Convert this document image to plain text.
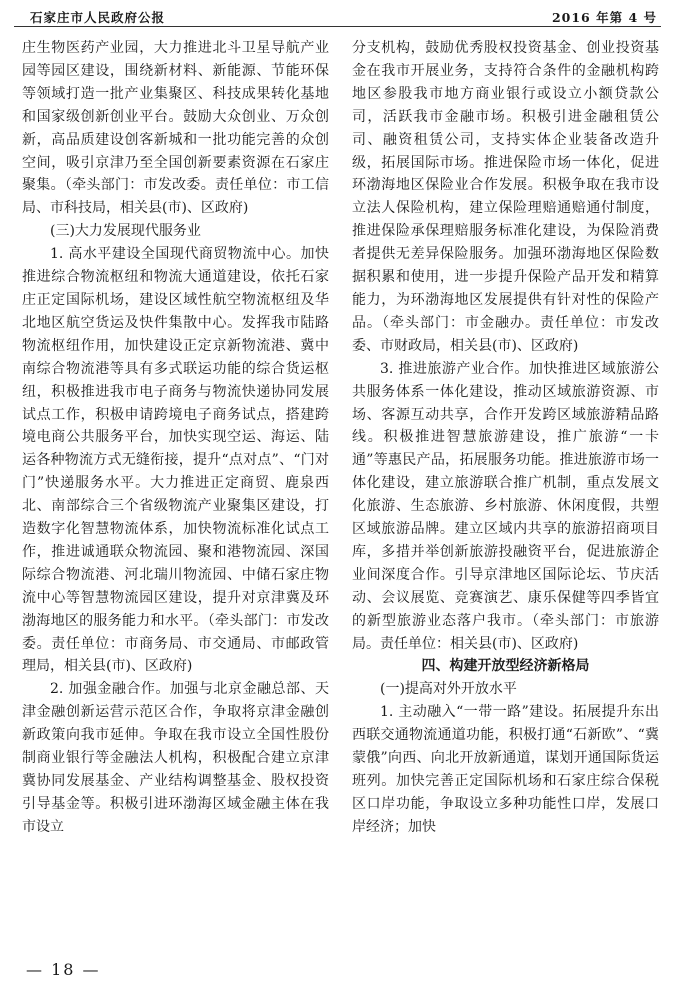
石家庄市人民政府公报	2016 年第 4 号

庄生物医药产业园，大力推进北斗卫星导航产业园等园区建设，围绕新材料、新能源、节能环保等领域打造一批产业集聚区、科技成果转化基地和国家级创新创业平台。鼓励大众创业、万众创新，高品质建设创客新城和一批功能完善的众创空间，吸引京津乃至全国创新要素资源在石家庄聚集。（牵头部门：市发改委。责任单位：市工信局、市科技局，相关县(市)、区政府)

(三)大力发展现代服务业

1. 高水平建设全国现代商贸物流中心。加快推进综合物流枢纽和物流大通道建设，依托石家庄正定国际机场，建设区域性航空物流枢纽及华北地区航空货运及快件集散中心。发挥我市陆路物流枢纽作用，加快建设正定京新物流港、冀中南综合物流港等具有多式联运功能的综合货运枢纽，积极推进我市电子商务与物流快递协同发展试点工作，积极申请跨境电子商务试点，搭建跨境电商公共服务平台，加快实现空运、海运、陆运各种物流方式无缝衔接，提升“点对点”、“门对门”快递服务水平。大力推进正定商贸、鹿泉西北、南部综合三个省级物流产业聚集区建设，打造数字化智慧物流体系，加快物流标准化试点工作，推进诚通联众物流园、聚和港物流园、深国际综合物流港、河北瑞川物流园、中储石家庄物流中心等智慧物流园区建设，提升对京津冀及环渤海地区的服务能力和水平。（牵头部门：市发改委。责任单位：市商务局、市交通局、市邮政管理局，相关县(市)、区政府)

2. 加强金融合作。加强与北京金融总部、天津金融创新运营示范区合作，争取将京津金融创新政策向我市延伸。争取在我市设立全国性股份制商业银行等金融法人机构，积极配合建立京津冀协同发展基金、产业结构调整基金、股权投资引导基金等。积极引进环渤海区域金融主体在我市设立

分支机构，鼓励优秀股权投资基金、创业投资基金在我市开展业务，支持符合条件的金融机构跨地区参股我市地方商业银行或设立小额贷款公司，活跃我市金融市场。积极引进金融租赁公司、融资租赁公司，支持实体企业装备改造升级，拓展国际市场。推进保险市场一体化，促进环渤海地区保险业合作发展。积极争取在我市设立法人保险机构，建立保险理赔通赔通付制度，推进保险承保理赔服务标准化建设，为保险消费者提供无差异保险服务。加强环渤海地区保险数据积累和使用，进一步提升保险产品开发和精算能力，为环渤海地区发展提供有针对性的保险产品。（牵头部门：市金融办。责任单位：市发改委、市财政局，相关县(市)、区政府)

3. 推进旅游产业合作。加快推进区域旅游公共服务体系一体化建设，推动区域旅游资源、市场、客源互动共享，合作开发跨区域旅游精品路线。积极推进智慧旅游建设，推广旅游“一卡通”等惠民产品，拓展服务功能。推进旅游市场一体化建设，建立旅游联合推广机制，重点发展文化旅游、生态旅游、乡村旅游、休闲度假，共塑区域旅游品牌。建立区域内共享的旅游招商项目库，多措并举创新旅游投融资平台，促进旅游企业间深度合作。引导京津地区国际论坛、节庆活动、会议展览、竞赛演艺、康乐保健等四季皆宜的新型旅游业态落户我市。（牵头部门：市旅游局。责任单位：相关县(市)、区政府)

四、构建开放型经济新格局

(一)提高对外开放水平

1. 主动融入“一带一路”建设。拓展提升东出西联交通物流通道功能，积极打通“石新欧”、“冀蒙俄”向西、向北开放新通道，谋划开通国际货运班列。加快完善正定国际机场和石家庄综合保税区口岸功能，争取设立多种功能性口岸，发展口岸经济；加快

— 18 —
